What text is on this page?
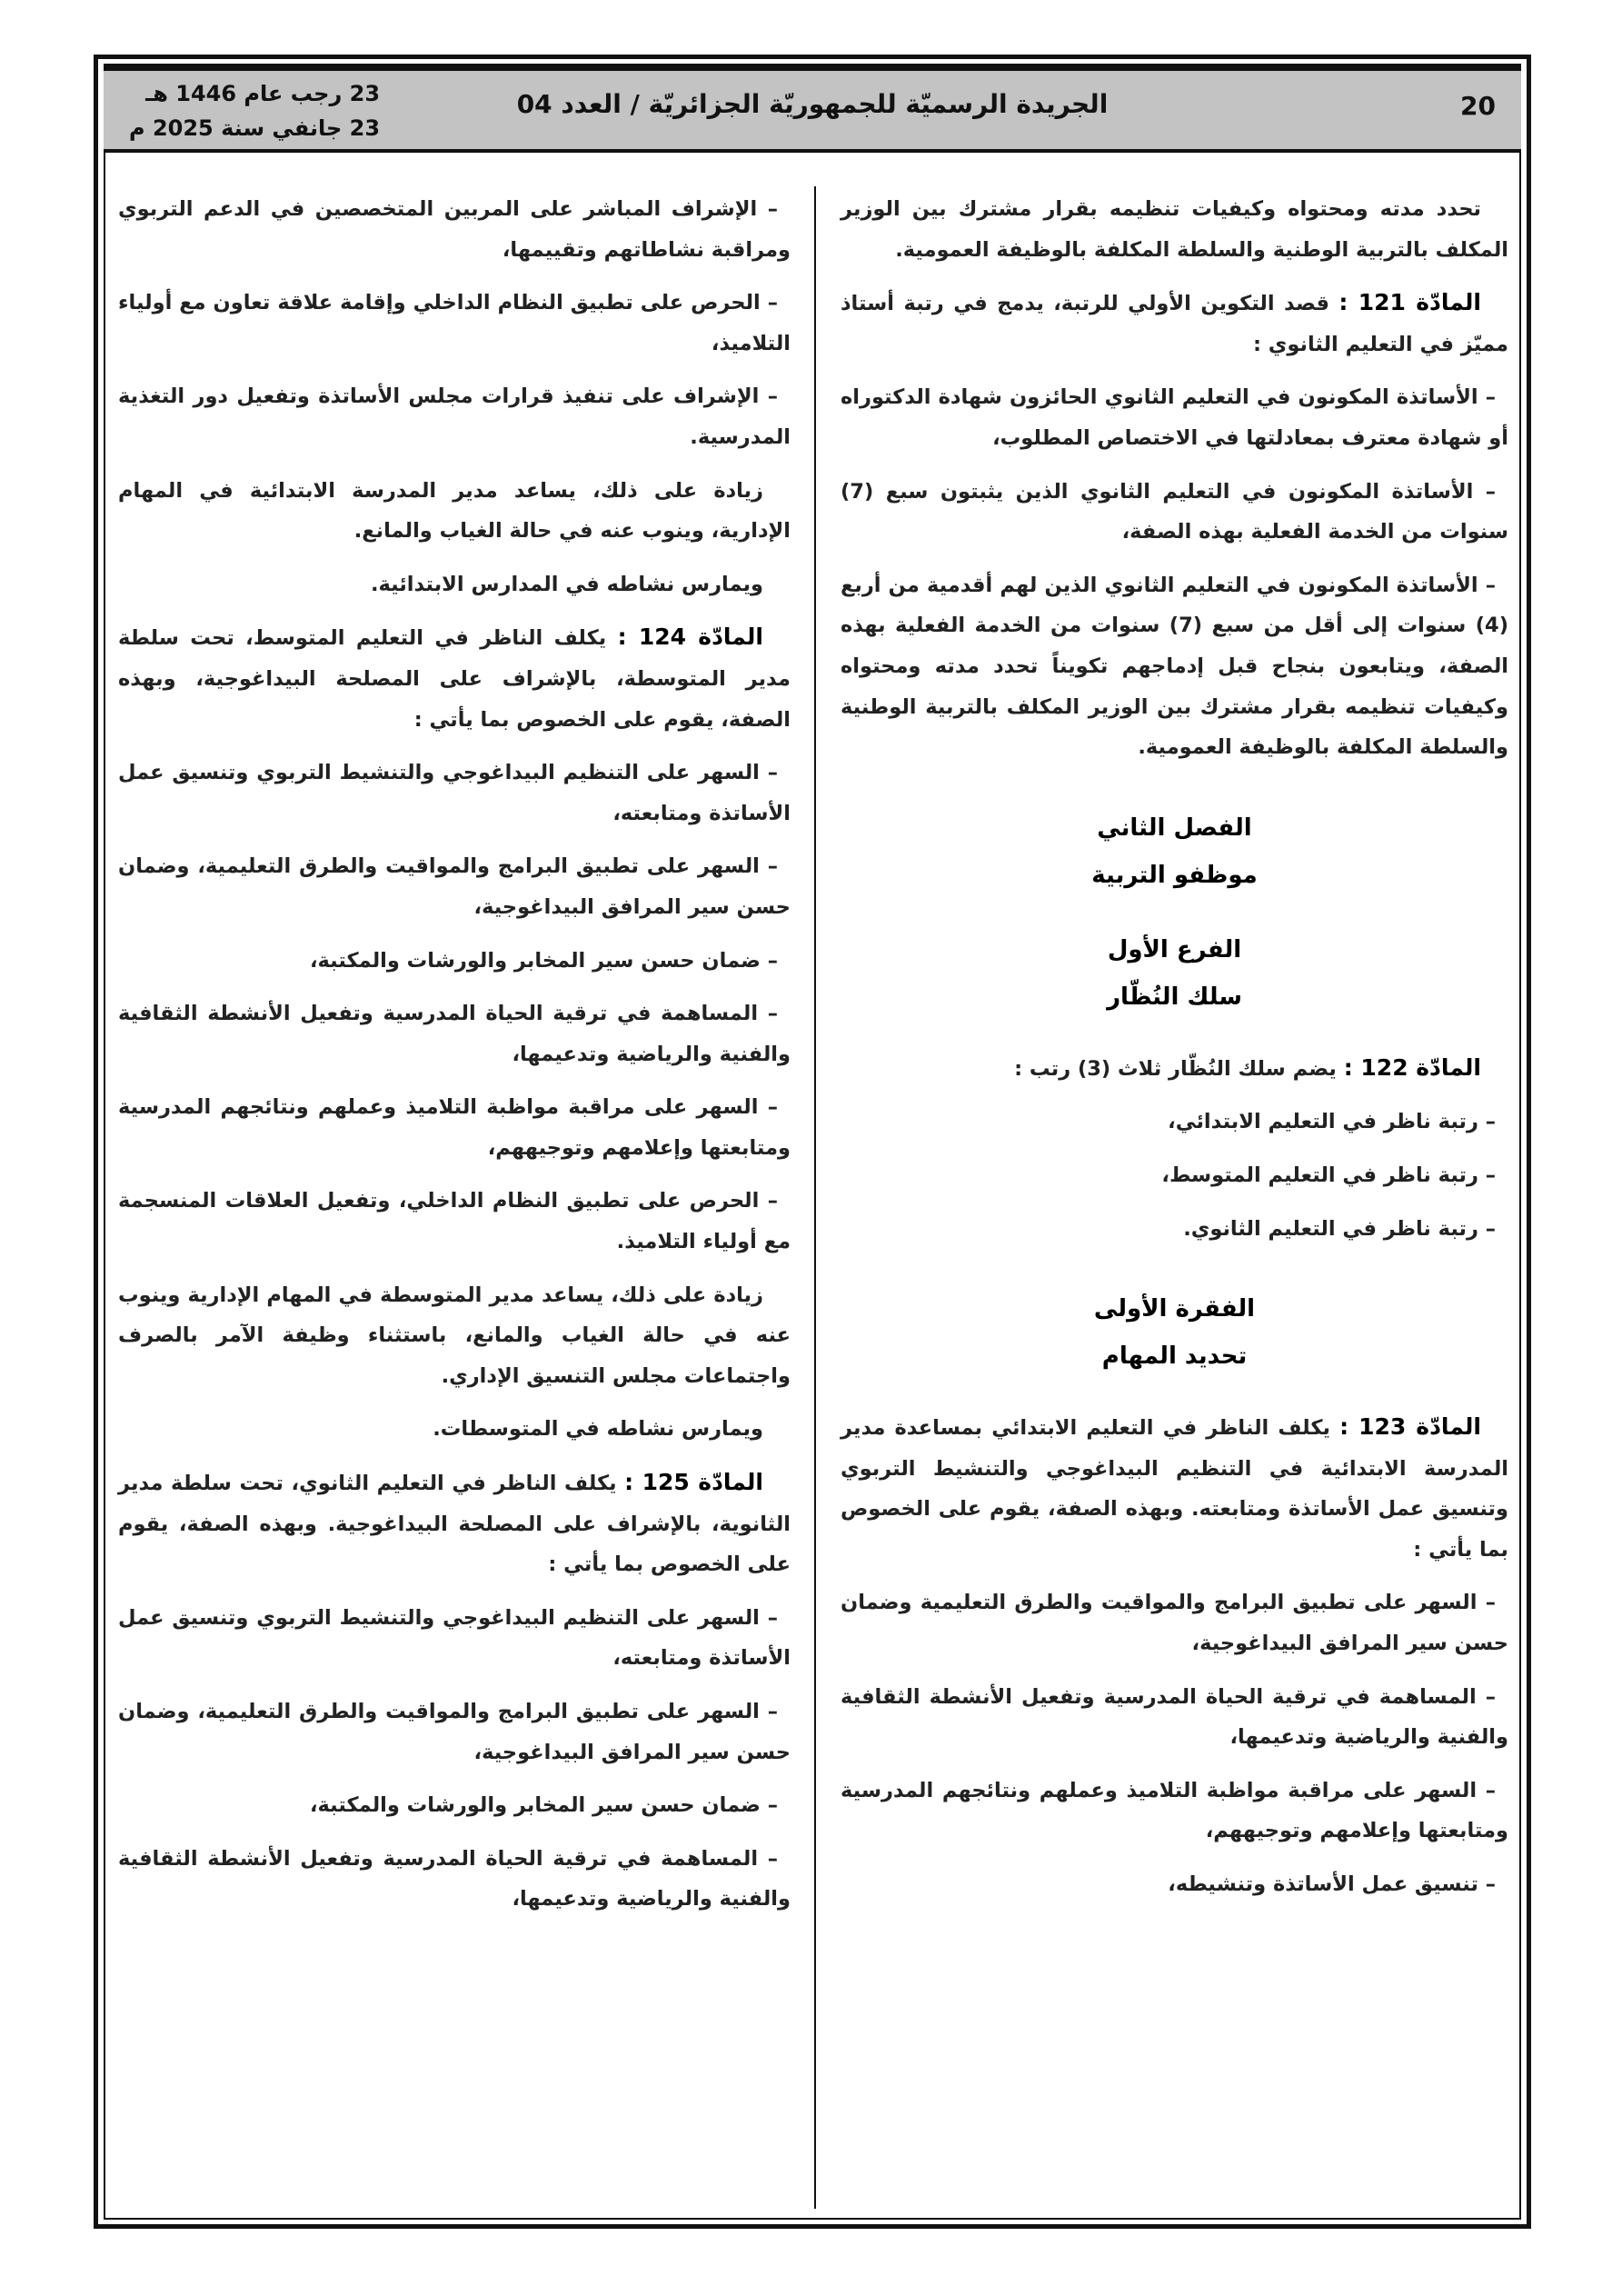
20
الجريدة الرسميّة للجمهوريّة الجزائريّة / العدد 04
23 رجب عام 1446 هـ
23 جانفي سنة 2025 م

تحدد مدته ومحتواه وكيفيات تنظيمه بقرار مشترك بين الوزير المكلف بالتربية الوطنية والسلطة المكلفة بالوظيفة العمومية.

المادّة 121 : قصد التكوين الأولي للرتبة، يدمج في رتبة أستاذ مميّز في التعليم الثانوي :

– الأساتذة المكونون في التعليم الثانوي الحائزون شهادة الدكتوراه أو شهادة معترف بمعادلتها في الاختصاص المطلوب،

– الأساتذة المكونون في التعليم الثانوي الذين يثبتون سبع (7) سنوات من الخدمة الفعلية بهذه الصفة،

– الأساتذة المكونون في التعليم الثانوي الذين لهم أقدمية من أربع (4) سنوات إلى أقل من سبع (7) سنوات من الخدمة الفعلية بهذه الصفة، ويتابعون بنجاح قبل إدماجهم تكويناً تحدد مدته ومحتواه وكيفيات تنظيمه بقرار مشترك بين الوزير المكلف بالتربية الوطنية والسلطة المكلفة بالوظيفة العمومية.

الفصل الثاني
موظفو التربية
الفرع الأول
سلك النُظّار

المادّة 122 : يضم سلك النُظّار ثلاث (3) رتب :

– رتبة ناظر في التعليم الابتدائي،

– رتبة ناظر في التعليم المتوسط،

– رتبة ناظر في التعليم الثانوي.

الفقرة الأولى
تحديد المهام

المادّة 123 : يكلف الناظر في التعليم الابتدائي بمساعدة مدير المدرسة الابتدائية في التنظيم البيداغوجي والتنشيط التربوي وتنسيق عمل الأساتذة ومتابعته. وبهذه الصفة، يقوم على الخصوص بما يأتي :

– السهر على تطبيق البرامج والمواقيت والطرق التعليمية وضمان حسن سير المرافق البيداغوجية،

– المساهمة في ترقية الحياة المدرسية وتفعيل الأنشطة الثقافية والفنية والرياضية وتدعيمها،

– السهر على مراقبة مواظبة التلاميذ وعملهم ونتائجهم المدرسية ومتابعتها وإعلامهم وتوجيههم،

– تنسيق عمل الأساتذة وتنشيطه،

– الإشراف المباشر على المربين المتخصصين في الدعم التربوي ومراقبة نشاطاتهم وتقييمها،

– الحرص على تطبيق النظام الداخلي وإقامة علاقة تعاون مع أولياء التلاميذ،

– الإشراف على تنفيذ قرارات مجلس الأساتذة وتفعيل دور التغذية المدرسية.

زيادة على ذلك، يساعد مدير المدرسة الابتدائية في المهام الإدارية، وينوب عنه في حالة الغياب والمانع.

ويمارس نشاطه في المدارس الابتدائية.

المادّة 124 : يكلف الناظر في التعليم المتوسط، تحت سلطة مدير المتوسطة، بالإشراف على المصلحة البيداغوجية، وبهذه الصفة، يقوم على الخصوص بما يأتي :

– السهر على التنظيم البيداغوجي والتنشيط التربوي وتنسيق عمل الأساتذة ومتابعته،

– السهر على تطبيق البرامج والمواقيت والطرق التعليمية، وضمان حسن سير المرافق البيداغوجية،

– ضمان حسن سير المخابر والورشات والمكتبة،

– المساهمة في ترقية الحياة المدرسية وتفعيل الأنشطة الثقافية والفنية والرياضية وتدعيمها،

– السهر على مراقبة مواظبة التلاميذ وعملهم ونتائجهم المدرسية ومتابعتها وإعلامهم وتوجيههم،

– الحرص على تطبيق النظام الداخلي، وتفعيل العلاقات المنسجمة مع أولياء التلاميذ.

زيادة على ذلك، يساعد مدير المتوسطة في المهام الإدارية وينوب عنه في حالة الغياب والمانع، باستثناء وظيفة الآمر بالصرف واجتماعات مجلس التنسيق الإداري.

ويمارس نشاطه في المتوسطات.

المادّة 125 : يكلف الناظر في التعليم الثانوي، تحت سلطة مدير الثانوية، بالإشراف على المصلحة البيداغوجية. وبهذه الصفة، يقوم على الخصوص بما يأتي :

– السهر على التنظيم البيداغوجي والتنشيط التربوي وتنسيق عمل الأساتذة ومتابعته،

– السهر على تطبيق البرامج والمواقيت والطرق التعليمية، وضمان حسن سير المرافق البيداغوجية،

– ضمان حسن سير المخابر والورشات والمكتبة،

– المساهمة في ترقية الحياة المدرسية وتفعيل الأنشطة الثقافية والفنية والرياضية وتدعيمها،
